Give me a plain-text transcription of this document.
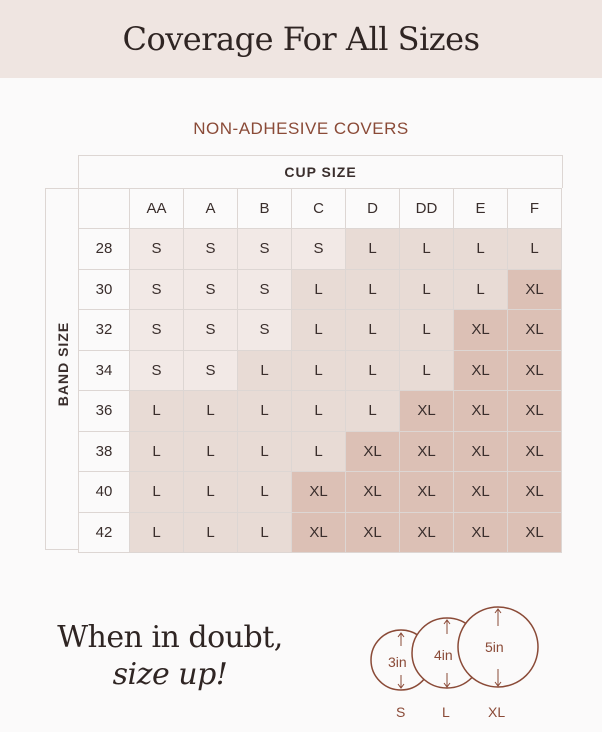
Coverage For All Sizes
NON-ADHESIVE COVERS
CUP SIZE
BAND SIZE
	AA	A	B	C	D	DD	E	F
28	S	S	S	S	L	L	L	L
30	S	S	S	L	L	L	L	XL
32	S	S	S	L	L	L	XL	XL
34	S	S	L	L	L	L	XL	XL
36	L	L	L	L	L	XL	XL	XL
38	L	L	L	L	XL	XL	XL	XL
40	L	L	L	XL	XL	XL	XL	XL
42	L	L	L	XL	XL	XL	XL	XL
When in doubt,
size up!	3in 4in 5in
S	L	XL
